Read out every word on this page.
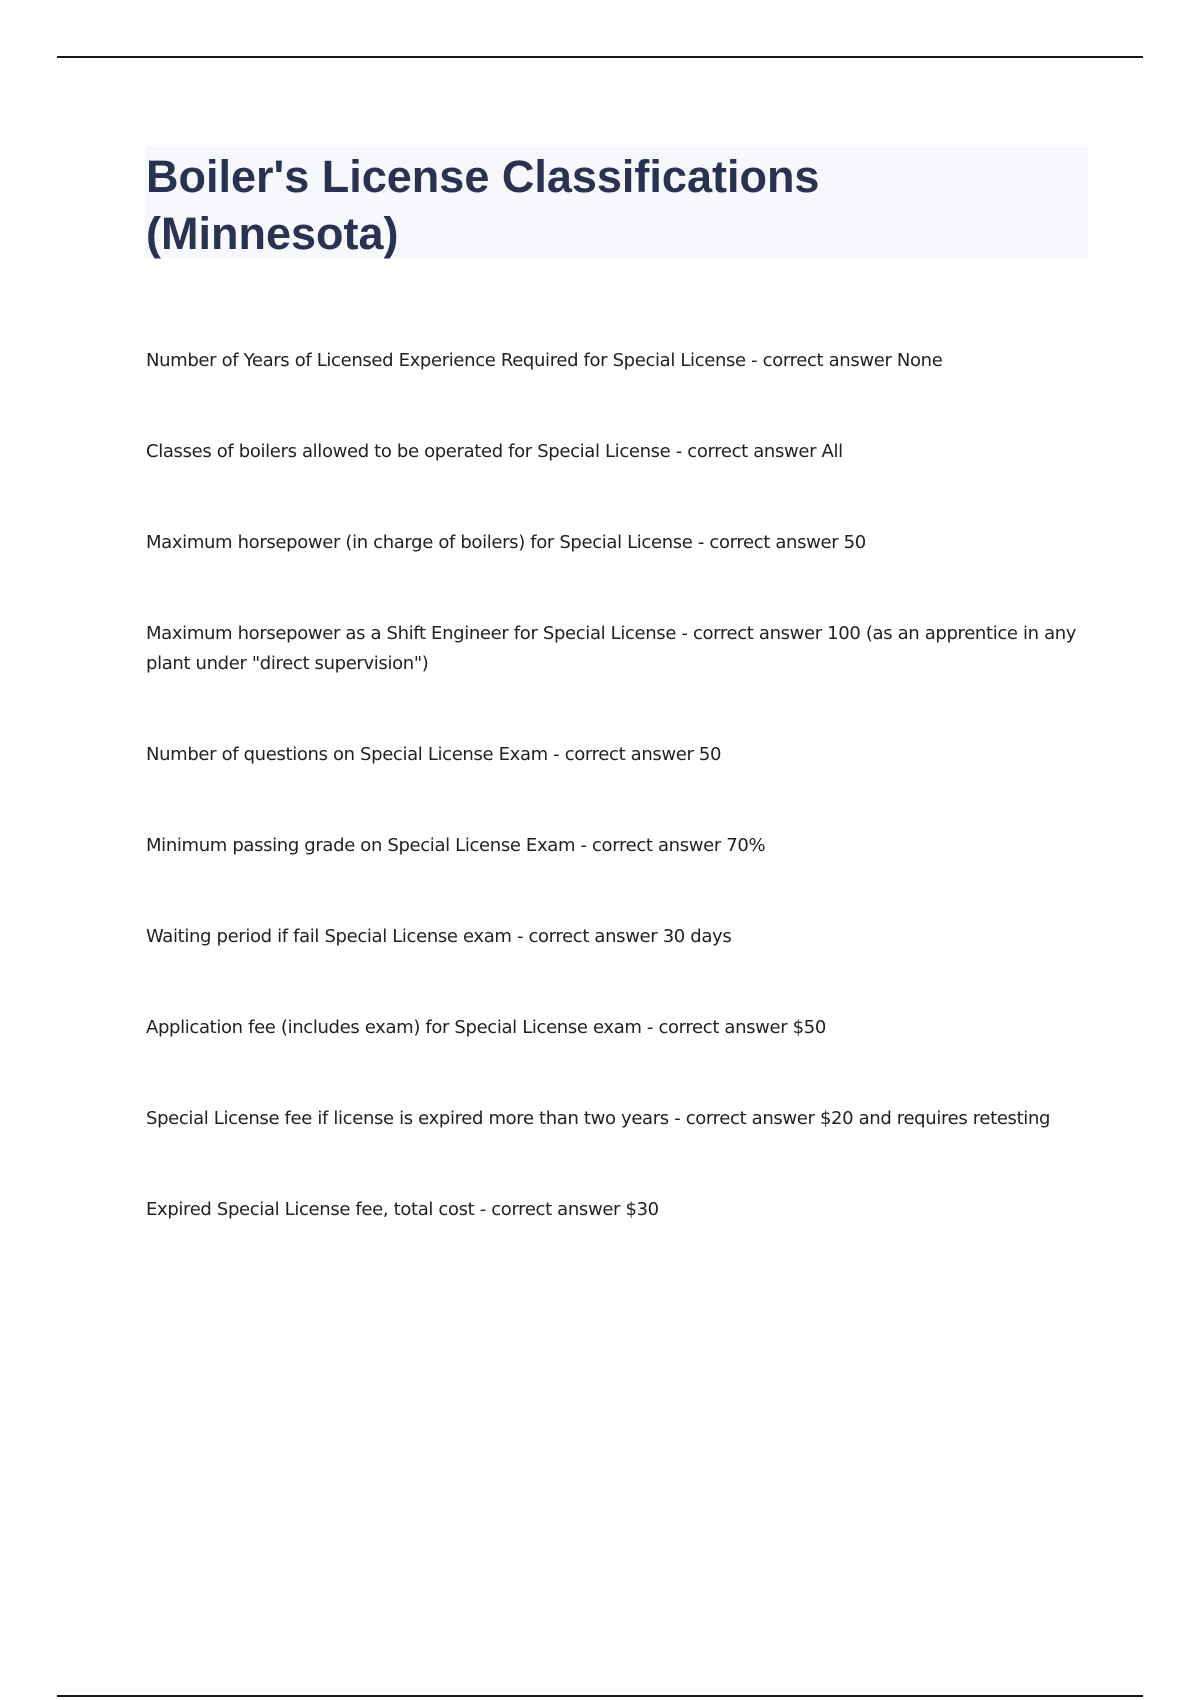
Boiler's License Classifications (Minnesota)

Number of Years of Licensed Experience Required for Special License - correct answer None

Classes of boilers allowed to be operated for Special License - correct answer All

Maximum horsepower (in charge of boilers) for Special License - correct answer 50

Maximum horsepower as a Shift Engineer for Special License - correct answer 100 (as an apprentice in any plant under "direct supervision")

Number of questions on Special License Exam - correct answer 50

Minimum passing grade on Special License Exam - correct answer 70%

Waiting period if fail Special License exam - correct answer 30 days

Application fee (includes exam) for Special License exam - correct answer $50

Special License fee if license is expired more than two years - correct answer $20 and requires retesting

Expired Special License fee, total cost - correct answer $30
